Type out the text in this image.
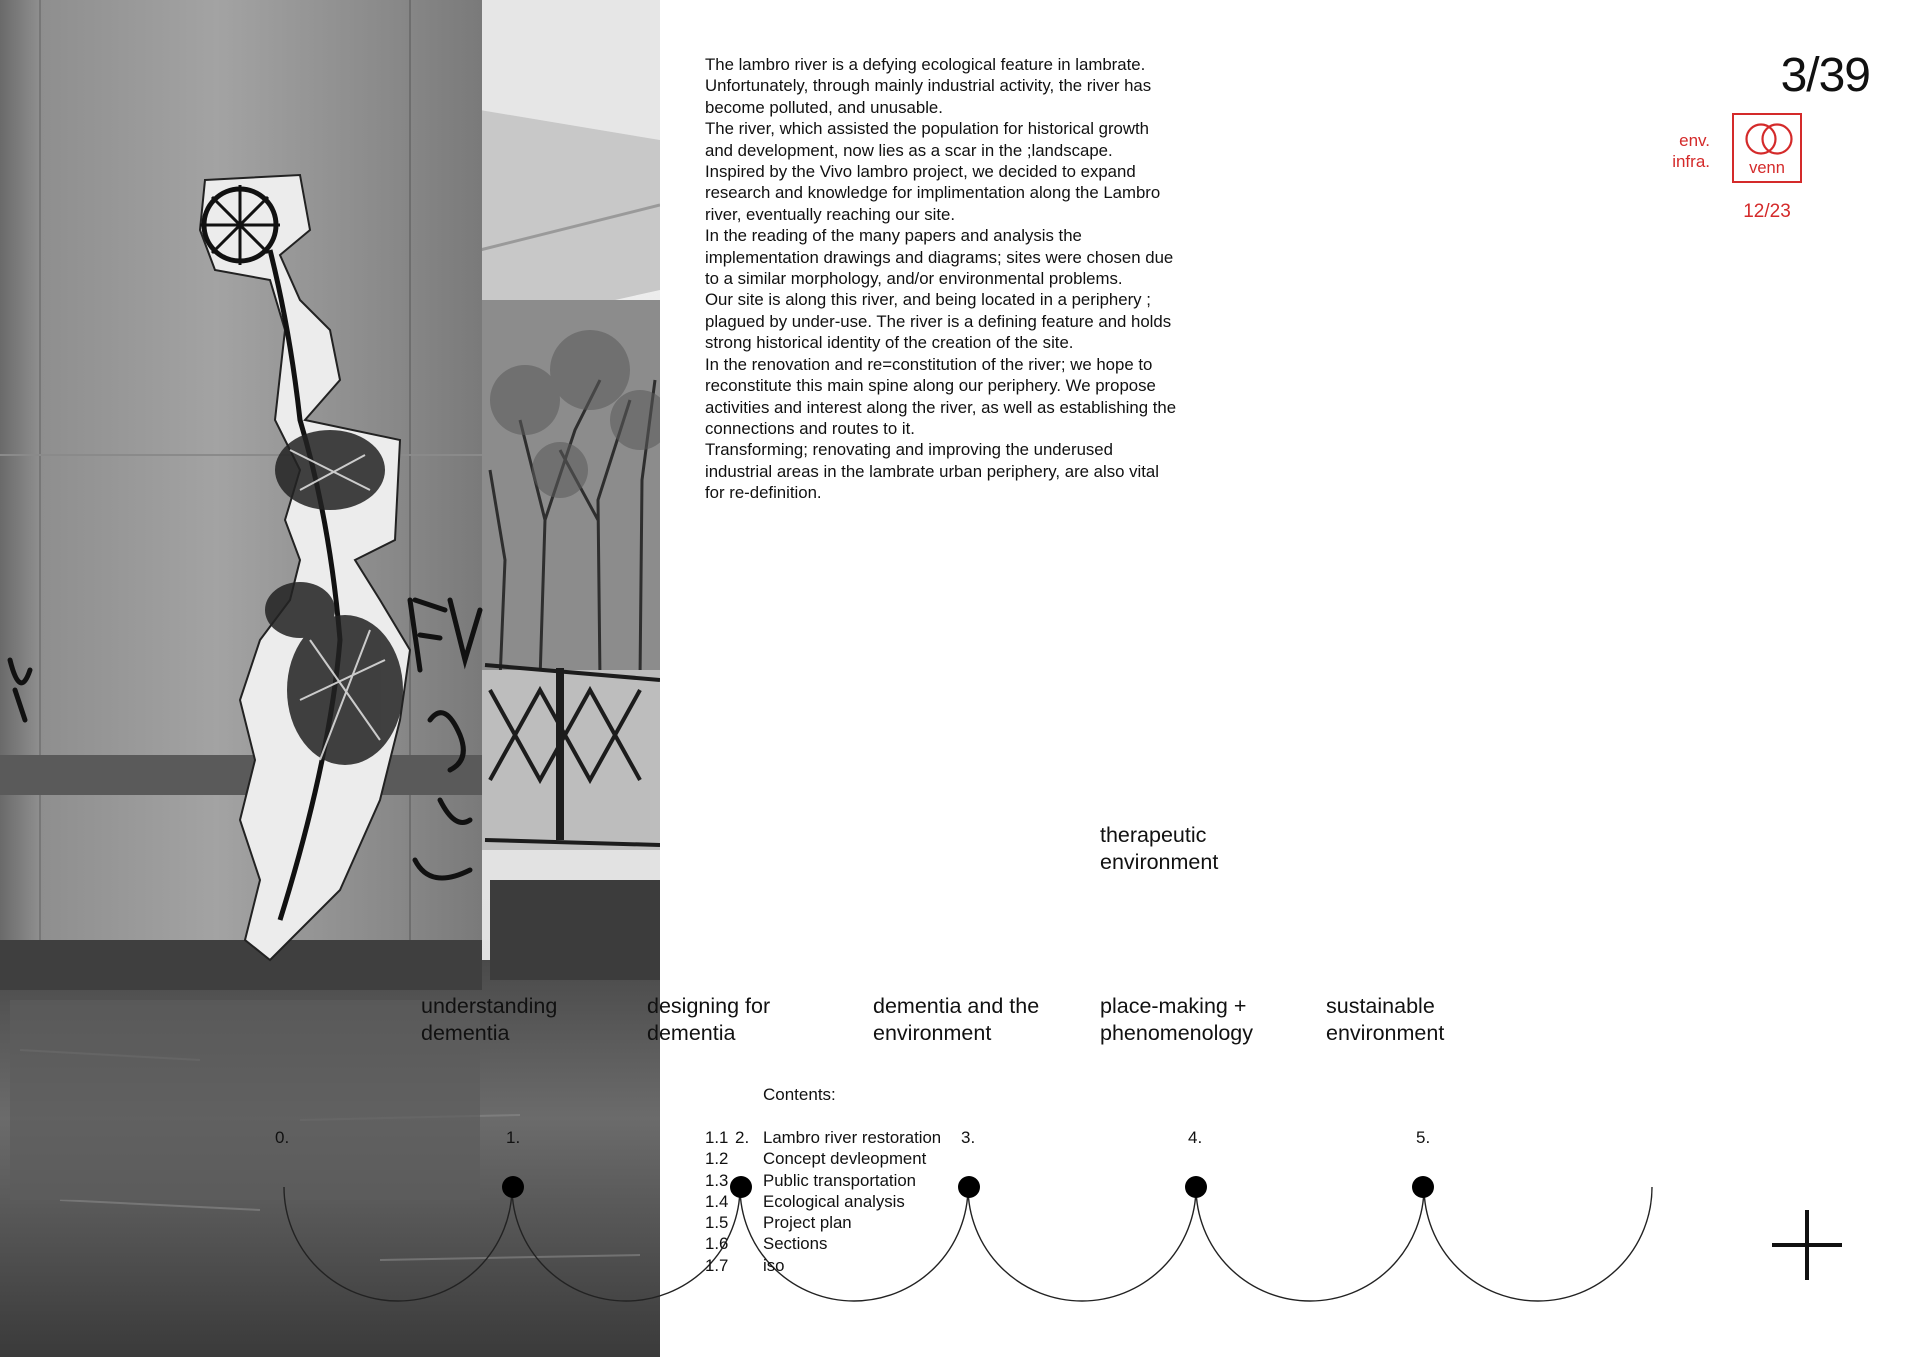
The lambro river is a defying ecological feature in lambrate. Unfortunately, through mainly industrial activity, the river has become polluted, and unusable.

The river, which assisted the population for historical growth and development, now lies as a scar in the ;landscape.

Inspired by the Vivo lambro project, we decided to expand research and knowledge for implimentation along the Lambro river, eventually reaching our site.

In the reading of the many papers and analysis the implementation drawings and diagrams; sites were chosen due to a similar morphology, and/or environmental problems.

Our site is along this river, and being located in a periphery ; plagued by under-use. The river is a defining feature and holds strong historical identity of the creation of the site.

In the renovation and re=constitution of the river; we hope to reconstitute this main spine along our periphery. We propose activities and interest along the river, as well as establishing the connections and routes to it.

Transforming; renovating and improving the underused industrial areas in the lambrate urban periphery, are also vital for re-definition.

3/39
env.
infra.	venn
12/23
therapeutic
environment
understanding
dementia
designing for
dementia
dementia and the
environment
place-making +
phenomenology
sustainable
environment
0.	1.	2.	3.	4.	5.
Contents:
1.1 Lambro river restoration
1.2 Concept devleopment
1.3 Public transportation
1.4 Ecological analysis
1.5 Project plan
1.6 Sections
1.7 iso
